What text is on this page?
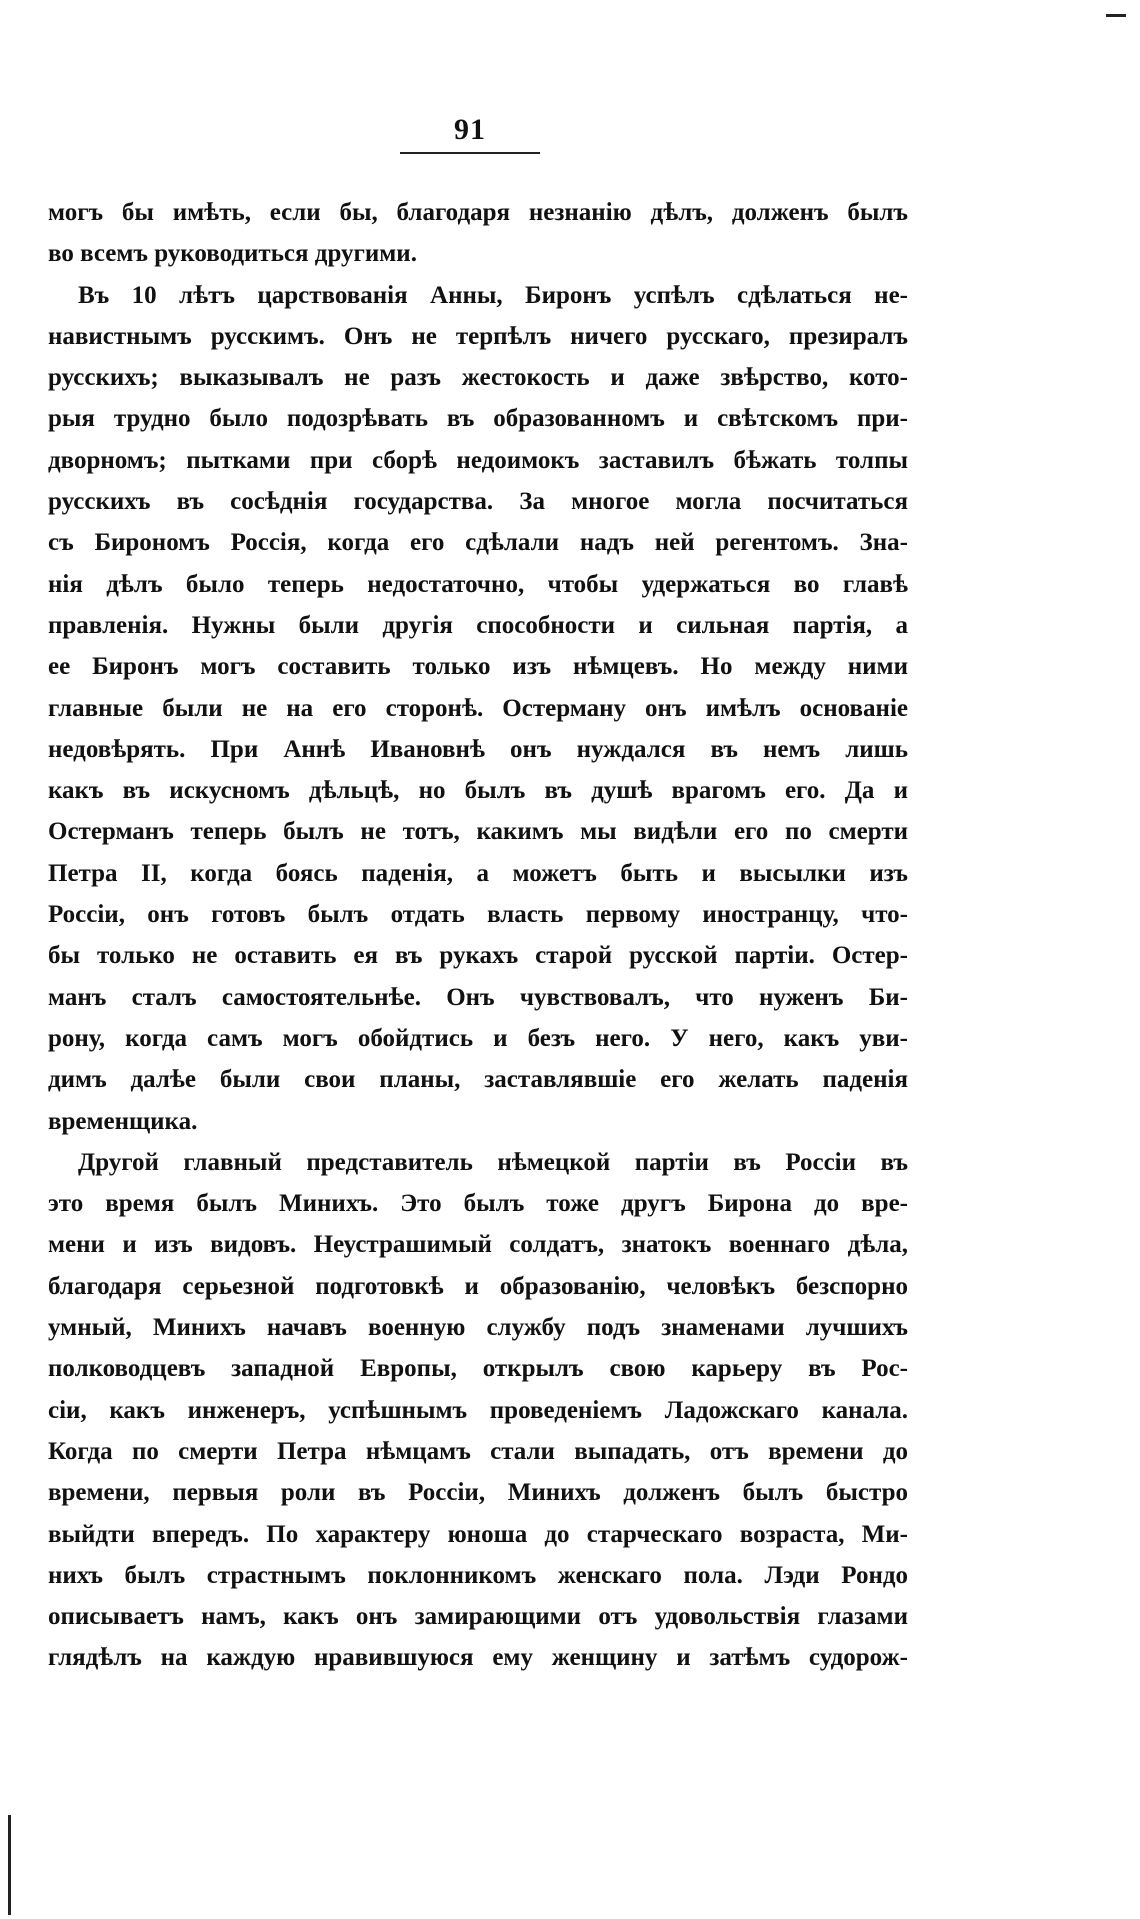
91
могъ бы имѣть, если бы, благодаря незнанію дѣлъ, долженъ былъ
во всемъ руководиться другими.
Въ 10 лѣтъ царствованія Анны, Биронъ успѣлъ сдѣлаться не-
навистнымъ русскимъ. Онъ не терпѣлъ ничего русскаго, презиралъ
русскихъ; выказывалъ не разъ жестокость и даже звѣрство, кото-
рыя трудно было подозрѣвать въ образованномъ и свѣтскомъ при-
дворномъ; пытками при сборѣ недоимокъ заставилъ бѣжать толпы
русскихъ въ сосѣднія государства. За многое могла посчитаться
съ Бирономъ Россія, когда его сдѣлали надъ ней регентомъ. Зна-
нія дѣлъ было теперь недостаточно, чтобы удержаться во главѣ
правленія. Нужны были другія способности и сильная партія, а
ее Биронъ могъ составить только изъ нѣмцевъ. Но между ними
главные были не на его сторонѣ. Остерману онъ имѣлъ основаніе
недовѣрять. При Аннѣ Ивановнѣ онъ нуждался въ немъ лишь
какъ въ искусномъ дѣльцѣ, но былъ въ душѣ врагомъ его. Да и
Остерманъ теперь былъ не тотъ, какимъ мы видѣли его по смерти
Петра II, когда боясь паденія, а можетъ быть и высылки изъ
Россіи, онъ готовъ былъ отдать власть первому иностранцу, что-
бы только не оставить ея въ рукахъ старой русской партіи. Остер-
манъ сталъ самостоятельнѣе. Онъ чувствовалъ, что нуженъ Би-
рону, когда самъ могъ обойдтись и безъ него. У него, какъ уви-
димъ далѣе были свои планы, заставлявшіе его желать паденія
временщика.
Другой главный представитель нѣмецкой партіи въ Россіи въ
это время былъ Минихъ. Это былъ тоже другъ Бирона до вре-
мени и изъ видовъ. Неустрашимый солдатъ, знатокъ военнаго дѣла,
благодаря серьезной подготовкѣ и образованію, человѣкъ безспорно
умный, Минихъ начавъ военную службу подъ знаменами лучшихъ
полководцевъ западной Европы, открылъ свою карьеру въ Рос-
сіи, какъ инженеръ, успѣшнымъ проведеніемъ Ладожскаго канала.
Когда по смерти Петра нѣмцамъ стали выпадать, отъ времени до
времени, первыя роли въ Россіи, Минихъ долженъ былъ быстро
выйдти впередъ. По характеру юноша до старческаго возраста, Ми-
нихъ былъ страстнымъ поклонникомъ женскаго пола. Лэди Рондо
описываетъ намъ, какъ онъ замирающими отъ удовольствія глазами
глядѣлъ на каждую нравившуюся ему женщину и затѣмъ судорож-
